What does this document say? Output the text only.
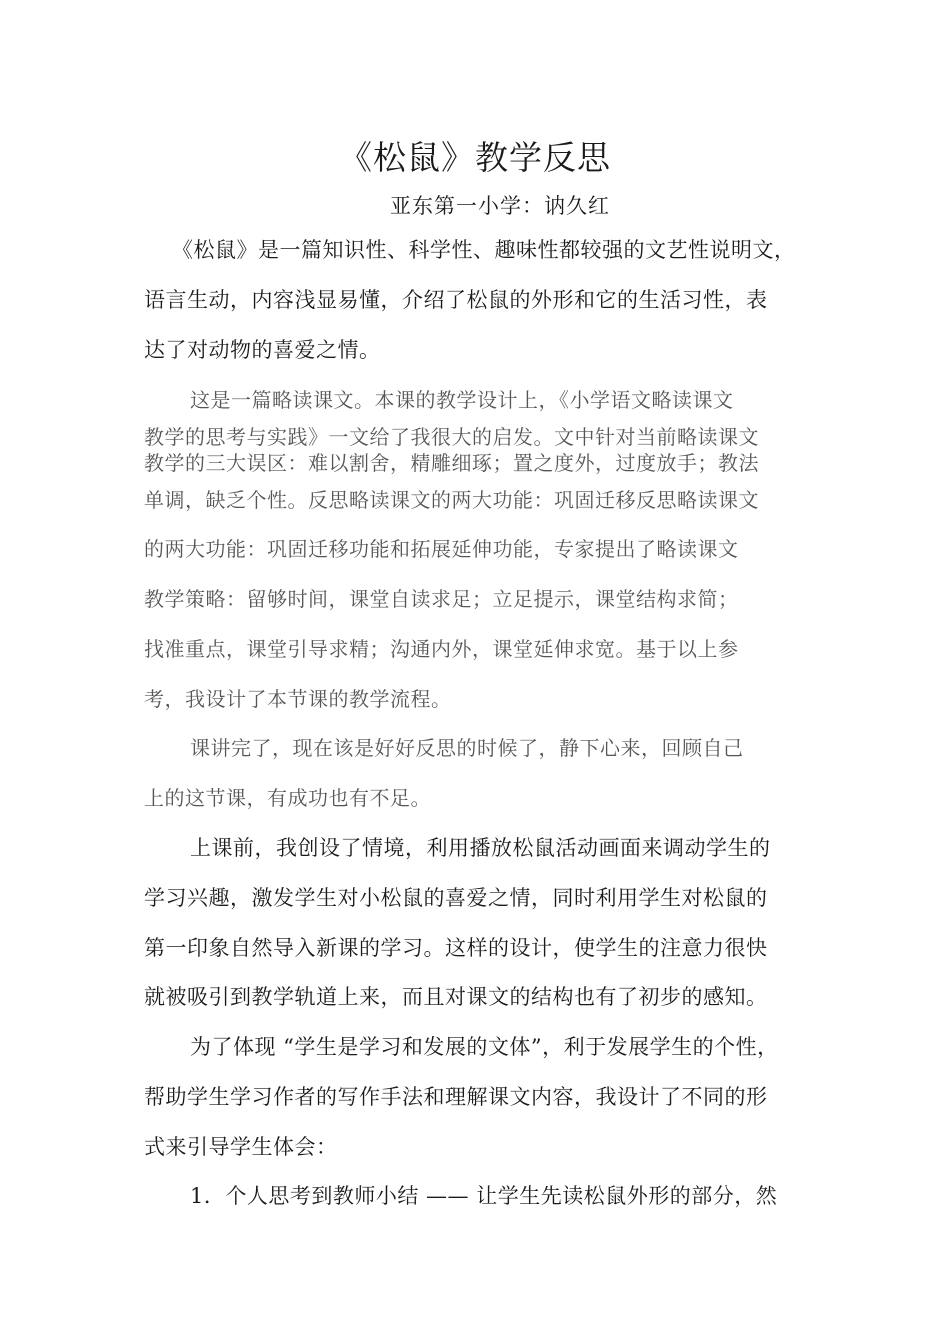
《松鼠》教学反思
亚东第一小学：讷久红
《松鼠》是一篇知识性、科学性、趣味性都较强的文艺性说明文，
语言生动，内容浅显易懂，介绍了松鼠的外形和它的生活习性，表
达了对动物的喜爱之情。
这是一篇略读课文。本课的教学设计上，《小学语文略读课文
教学的思考与实践》一文给了我很大的启发。文中针对当前略读课文
教学的三大误区：难以割舍，精雕细琢；置之度外，过度放手；教法
单调，缺乏个性。反思略读课文的两大功能：巩固迁移反思略读课文
的两大功能：巩固迁移功能和拓展延伸功能，专家提出了略读课文
教学策略：留够时间，课堂自读求足；立足提示，课堂结构求简；
找准重点，课堂引导求精；沟通内外，课堂延伸求宽。基于以上参
考，我设计了本节课的教学流程。
课讲完了，现在该是好好反思的时候了，静下心来，回顾自己
上的这节课，有成功也有不足。
上课前，我创设了情境，利用播放松鼠活动画面来调动学生的
学习兴趣，激发学生对小松鼠的喜爱之情，同时利用学生对松鼠的
第一印象自然导入新课的学习。这样的设计，使学生的注意力很快
就被吸引到教学轨道上来，而且对课文的结构也有了初步的感知。
为了体现 “学生是学习和发展的文体”，利于发展学生的个性，
帮助学生学习作者的写作手法和理解课文内容，我设计了不同的形
式来引导学生体会：
1．个人思考到教师小结 —— 让学生先读松鼠外形的部分，然
